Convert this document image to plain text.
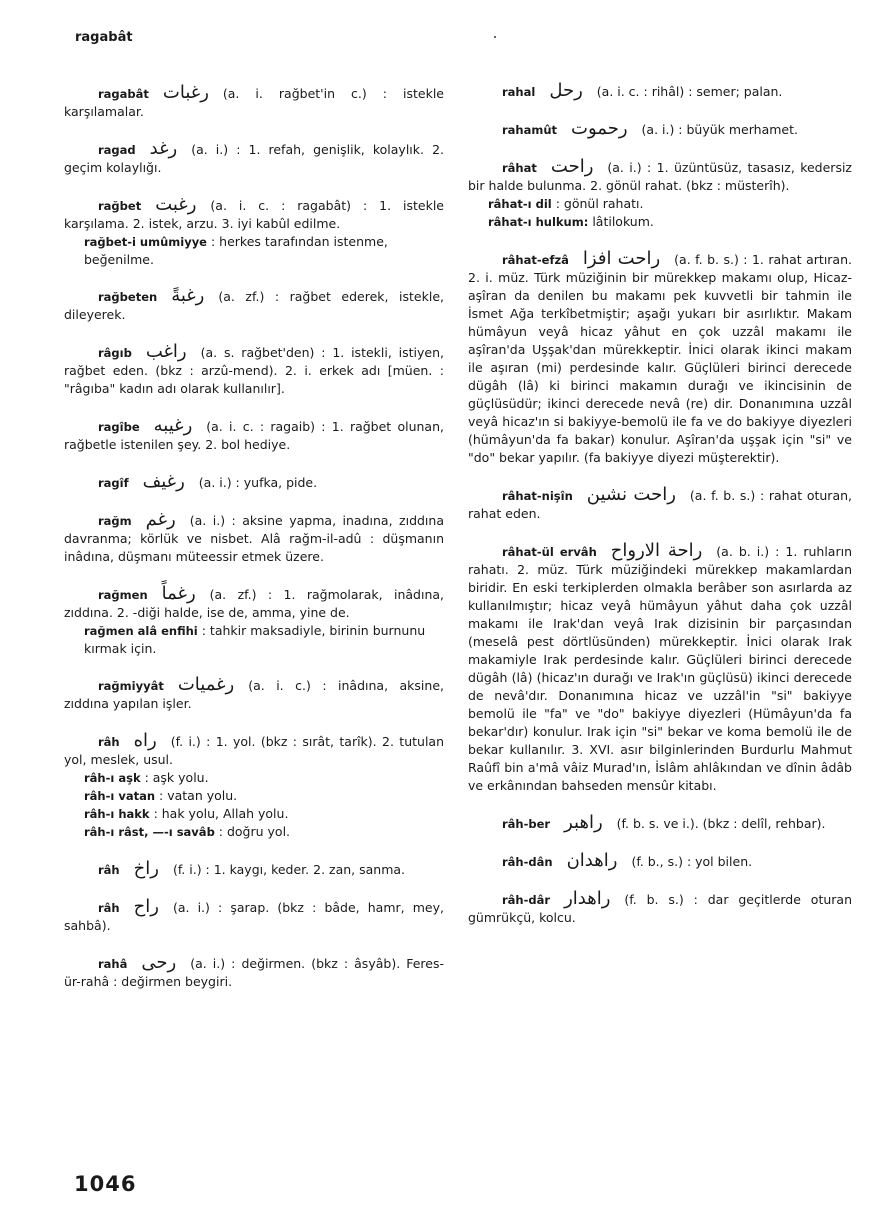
ragabât
ragabât رغبات (a. i. rağbet'in c.) : istekle karşılamalar.
ragad رغد (a. i.) : 1. refah, genişlik, kolaylık. 2. geçim kolaylığı.
rağbet رغبت (a. i. c. : ragabât) : 1. istekle karşılama. 2. istek, arzu. 3. iyi kabûl edilme.
rağbet-i umûmiyye : herkes tarafından istenme, beğenilme.
rağbeten رغبةً (a. zf.) : rağbet ederek, istekle, dileyerek.
râgıb راغب (a. s. rağbet'den) : 1. istekli, istiyen, rağbet eden. (bkz : arzû-mend). 2. i. erkek adı [müen. : "râgıba" kadın adı olarak kullanılır].
ragîbe رغيبه (a. i. c. : ragaib) : 1. rağbet olunan, rağbetle istenilen şey. 2. bol hediye.
ragîf رغيف (a. i.) : yufka, pide.
rağm رغم (a. i.) : aksine yapma, inadına, zıddına davranma; körlük ve nisbet. Alâ rağm-il-adû : düşmanın inâdına, düşmanı müteessir etmek üzere.
rağmen رغماً (a. zf.) : 1. rağmolarak, inâdına, zıddına. 2. -diği halde, ise de, amma, yine de.
rağmen alâ enfihi : tahkir maksadiyle, birinin burnunu kırmak için.
rağmiyyât رغميات (a. i. c.) : inâdına, aksine, zıddına yapılan işler.
râh راه (f. i.) : 1. yol. (bkz : sırât, tarîk). 2. tutulan yol, meslek, usul.
râh-ı aşk : aşk yolu.
râh-ı vatan : vatan yolu.
râh-ı hakk : hak yolu, Allah yolu.
râh-ı râst, —-ı savâb : doğru yol.
râh راخ (f. i.) : 1. kaygı, keder. 2. zan, sanma.
râh راح (a. i.) : şarap. (bkz : bâde, hamr, mey, sahbâ).
rahâ رحى (a. i.) : değirmen. (bkz : âsyâb). Feres-ür-rahâ : değirmen beygiri.
rahal رحل (a. i. c. : rihâl) : semer; palan.
rahamût رحموت (a. i.) : büyük merhamet.
râhat راحت (a. i.) : 1. üzüntüsüz, tasasız, kedersiz bir halde bulunma. 2. gönül rahat. (bkz : müsterîh).
râhat-ı dil : gönül rahatı.
râhat-ı hulkum: lâtilokum.
râhat-efzâ راحت افزا (a. f. b. s.) : 1. rahat artıran. 2. i. müz. Türk müziğinin bir mürekkep makamı olup, Hicaz-aşîran da denilen bu makamı pek kuvvetli bir tahmin ile İsmet Ağa terkîbetmiştir; aşağı yukarı bir asırlıktır. Makam hümâyun veyâ hicaz yâhut en çok uzzâl makamı ile aşîran'da Uşşak'dan mürekkeptir. İnici olarak ikinci makam ile aşıran (mi) perdesinde kalır. Güçlüleri birinci derecede dügâh (lâ) ki birinci makamın durağı ve ikincisinin de güçlüsüdür; ikinci derecede nevâ (re) dir. Donanımına uzzâl veyâ hicaz'ın si bakiyye-bemolü ile fa ve do bakiyye diyezleri (hümâyun'da fa bakar) konulur. Aşîran'da uşşak için "si" ve "do" bekar yapılır. (fa bakiyye diyezi müşterektir).
râhat-nişîn راحت نشين (a. f. b. s.) : rahat oturan, rahat eden.
râhat-ül ervâh راحة الارواح (a. b. i.) : 1. ruhların rahatı. 2. müz. Türk müziğindeki mürekkep makamlardan biridir. En eski terkiplerden olmakla berâber son asırlarda az kullanılmıştır; hicaz veyâ hümâyun yâhut daha çok uzzâl makamı ile Irak'dan veyâ Irak dizisinin bir parçasından (meselâ pest dörtlüsünden) mürekkeptir. İnici olarak Irak makamiyle Irak perdesinde kalır. Güçlüleri birinci derecede dügâh (lâ) (hicaz'ın durağı ve Irak'ın güçlüsü) ikinci derecede de nevâ'dır. Donanımına hicaz ve uzzâl'in "si" bakiyye bemolü ile "fa" ve "do" bakiyye diyezleri (Hümâyun'da fa bekar'dır) konulur. Irak için "si" bekar ve koma bemolü ile de bekar kullanılır. 3. XVI. asır bilginlerinden Burdurlu Mahmut Raûfî bin a'mâ vâiz Murad'ın, İslâm ahlâkından ve dînin âdâb ve erkânından bahseden mensûr kitabı.
râh-ber راهبر (f. b. s. ve i.). (bkz : delîl, rehbar).
râh-dân راهدان (f. b., s.) : yol bilen.
râh-dâr راهدار (f. b. s.) : dar geçitlerde oturan gümrükçü, kolcu.
1046
